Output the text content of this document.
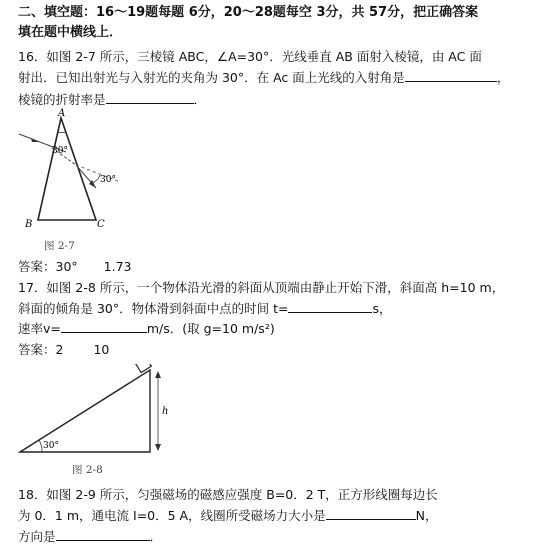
二、填空题：16～19题每题 6分，20～28题每空 3分，共 57分，把正确答案
填在题中横线上．
16．如图 2-7 所示，三棱镜 ABC，∠A=30°．光线垂直 AB 面射入棱镜，由 AC 面
射出．已知出射光与入射光的夹角为 30°．在 Ac 面上光线的入射角是	，
棱镜的折射率是	．
A
B	C
30°
30°
图 2-7
答案：30° 1.73
17．如图 2-8 所示，一个物体沿光滑的斜面从顶端由静止开始下滑，斜面高 h=10 m，
斜面的倾角是 30°．物体滑到斜面中点的时间 t=	s，
速率v=	m/s．(取 g=10 m/s²)
答案：2 10
h
30°
图 2-8
18．如图 2-9 所示，匀强磁场的磁感应强度 B=0．2 T，正方形线圈每边长
为 0．1 m，通电流 I=0．5 A，线圈所受磁场力大小是	N，
方向是	．
